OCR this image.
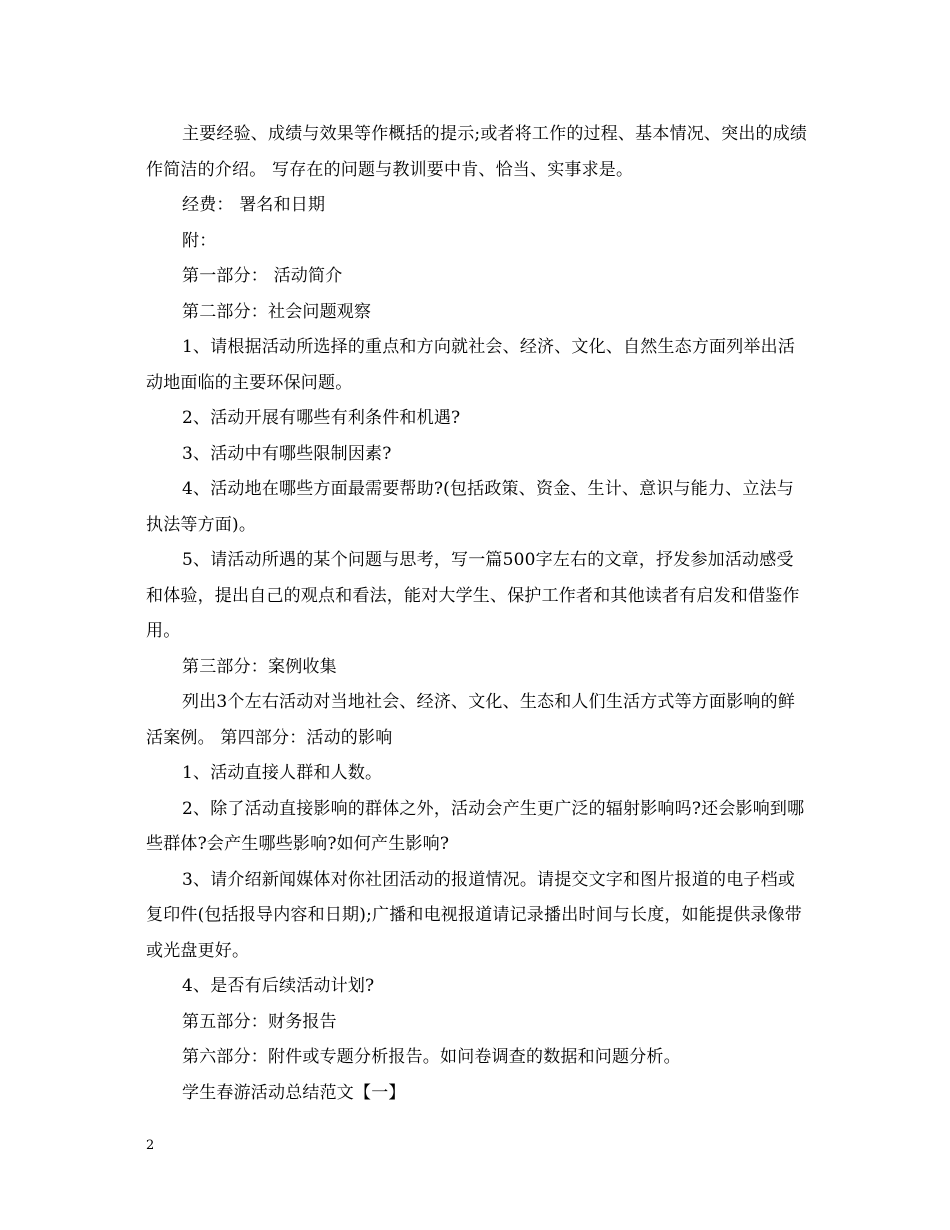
主要经验、成绩与效果等作概括的提示;或者将工作的过程、基本情况、突出的成绩作简洁的介绍。 写存在的问题与教训要中肯、恰当、实事求是。

经费： 署名和日期

附：

第一部分： 活动简介

第二部分：社会问题观察

1、请根据活动所选择的重点和方向就社会、经济、文化、自然生态方面列举出活动地面临的主要环保问题。

2、活动开展有哪些有利条件和机遇?

3、活动中有哪些限制因素?

4、活动地在哪些方面最需要帮助?(包括政策、资金、生计、意识与能力、立法与执法等方面)。

5、请活动所遇的某个问题与思考，写一篇500字左右的文章，抒发参加活动感受和体验，提出自己的观点和看法，能对大学生、保护工作者和其他读者有启发和借鉴作用。

第三部分：案例收集

列出3个左右活动对当地社会、经济、文化、生态和人们生活方式等方面影响的鲜活案例。 第四部分：活动的影响

1、活动直接人群和人数。

2、除了活动直接影响的群体之外，活动会产生更广泛的辐射影响吗?还会影响到哪些群体?会产生哪些影响?如何产生影响?

3、请介绍新闻媒体对你社团活动的报道情况。请提交文字和图片报道的电子档或复印件(包括报导内容和日期);广播和电视报道请记录播出时间与长度，如能提供录像带或光盘更好。

4、是否有后续活动计划?

第五部分：财务报告

第六部分：附件或专题分析报告。如问卷调查的数据和问题分析。

学生春游活动总结范文【一】

2
